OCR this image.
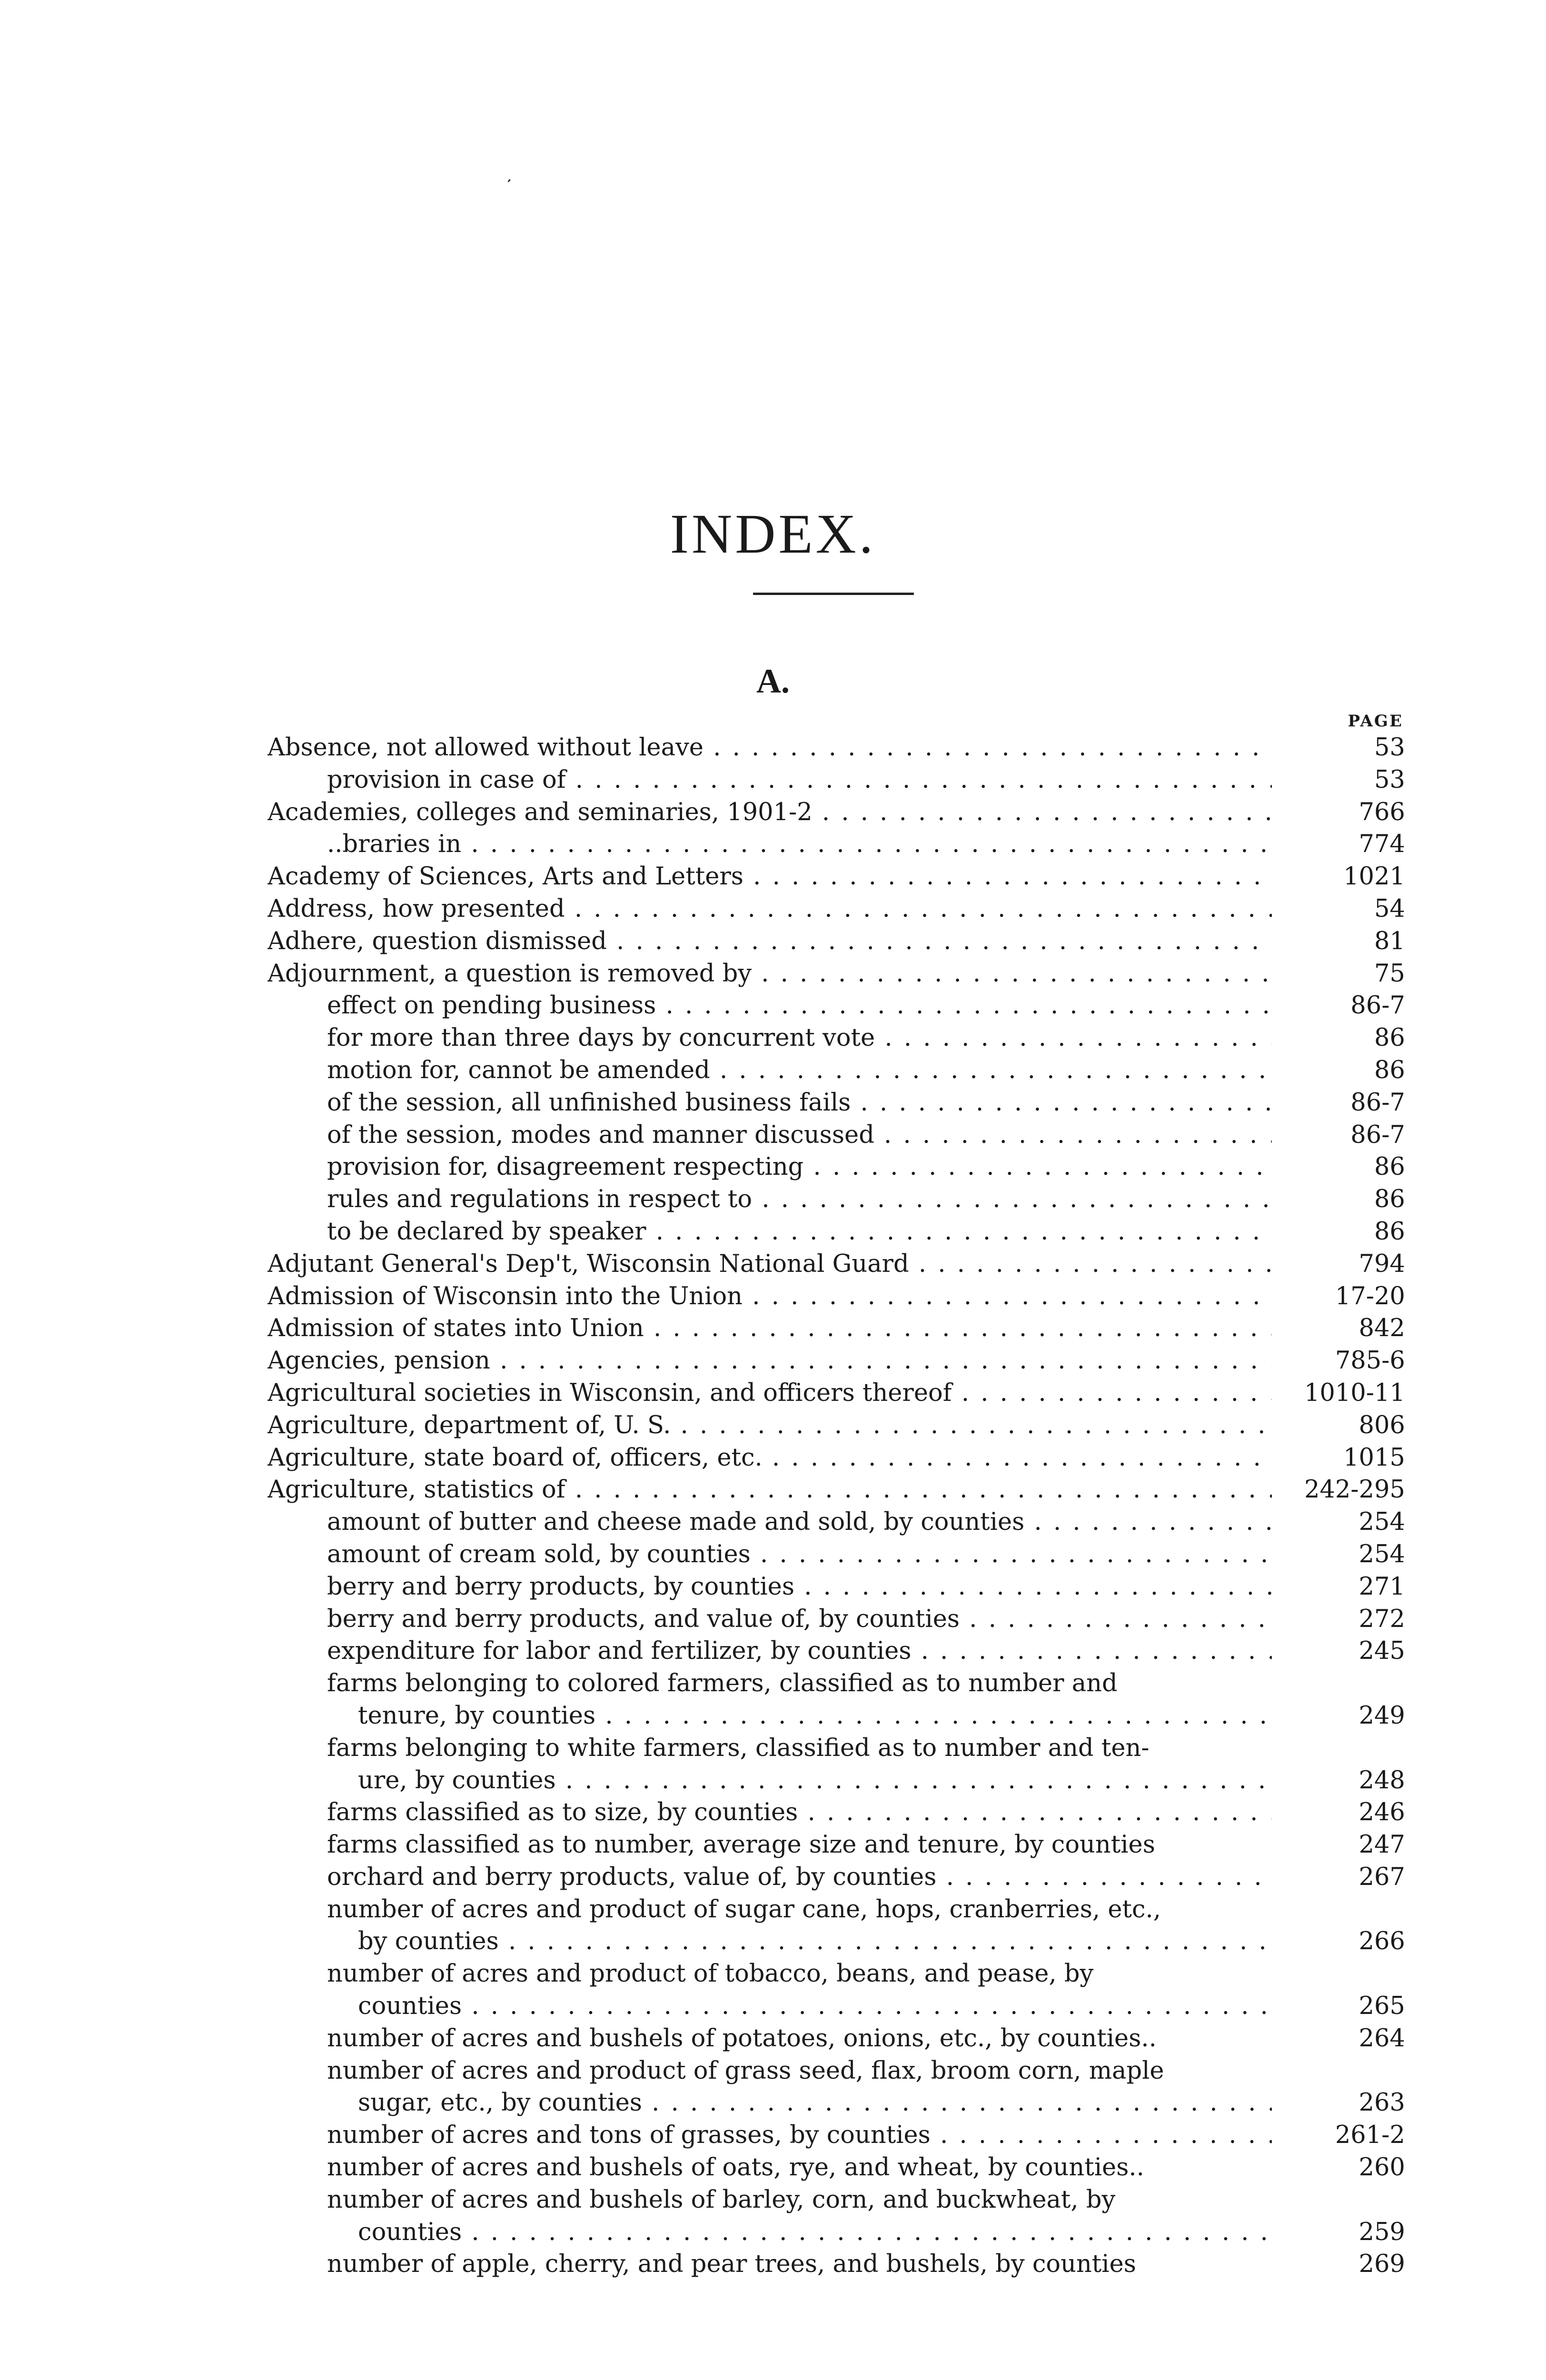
′
INDEX.
A.
PAGE
Absence, not allowed without leave . . .	53
provision in case of . . .	53
Academies, colleges and seminaries, 1901-2 . . .	766
..braries in . . .	774
Academy of Sciences, Arts and Letters . . .	1021
Address, how presented . . .	54
Adhere, question dismissed . . .	81
Adjournment, a question is removed by . . .	75
effect on pending business . . .	86-7
for more than three days by concurrent vote . . .	86
motion for, cannot be amended . . .	86
of the session, all unfinished business fails . . .	86-7
of the session, modes and manner discussed . . .	86-7
provision for, disagreement respecting . . .	86
rules and regulations in respect to . . .	86
to be declared by speaker . . .	86
Adjutant General's Dep't, Wisconsin National Guard . . .	794
Admission of Wisconsin into the Union . . .	17-20
Admission of states into Union . . .	842
Agencies, pension . . .	785-6
Agricultural societies in Wisconsin, and officers thereof . . .	1010-11
Agriculture, department of, U. S. . . .	806
Agriculture, state board of, officers, etc. . . .	1015
Agriculture, statistics of . . .	242-295
amount of butter and cheese made and sold, by counties . . .	254
amount of cream sold, by counties . . .	254
berry and berry products, by counties . . .	271
berry and berry products, and value of, by counties . . .	272
expenditure for labor and fertilizer, by counties . . .	245
farms belonging to colored farmers, classified as to number and
tenure, by counties . . .	249
farms belonging to white farmers, classified as to number and ten-
ure, by counties . . .	248
farms classified as to size, by counties . . .	246
farms classified as to number, average size and tenure, by counties	247
orchard and berry products, value of, by counties . . .	267
number of acres and product of sugar cane, hops, cranberries, etc.,
by counties . . .	266
number of acres and product of tobacco, beans, and pease, by
counties . . .	265
number of acres and bushels of potatoes, onions, etc., by counties..	264
number of acres and product of grass seed, flax, broom corn, maple
sugar, etc., by counties . . .	263
number of acres and tons of grasses, by counties . . .	261-2
number of acres and bushels of oats, rye, and wheat, by counties..	260
number of acres and bushels of barley, corn, and buckwheat, by
counties . . .	259
number of apple, cherry, and pear trees, and bushels, by counties	269
